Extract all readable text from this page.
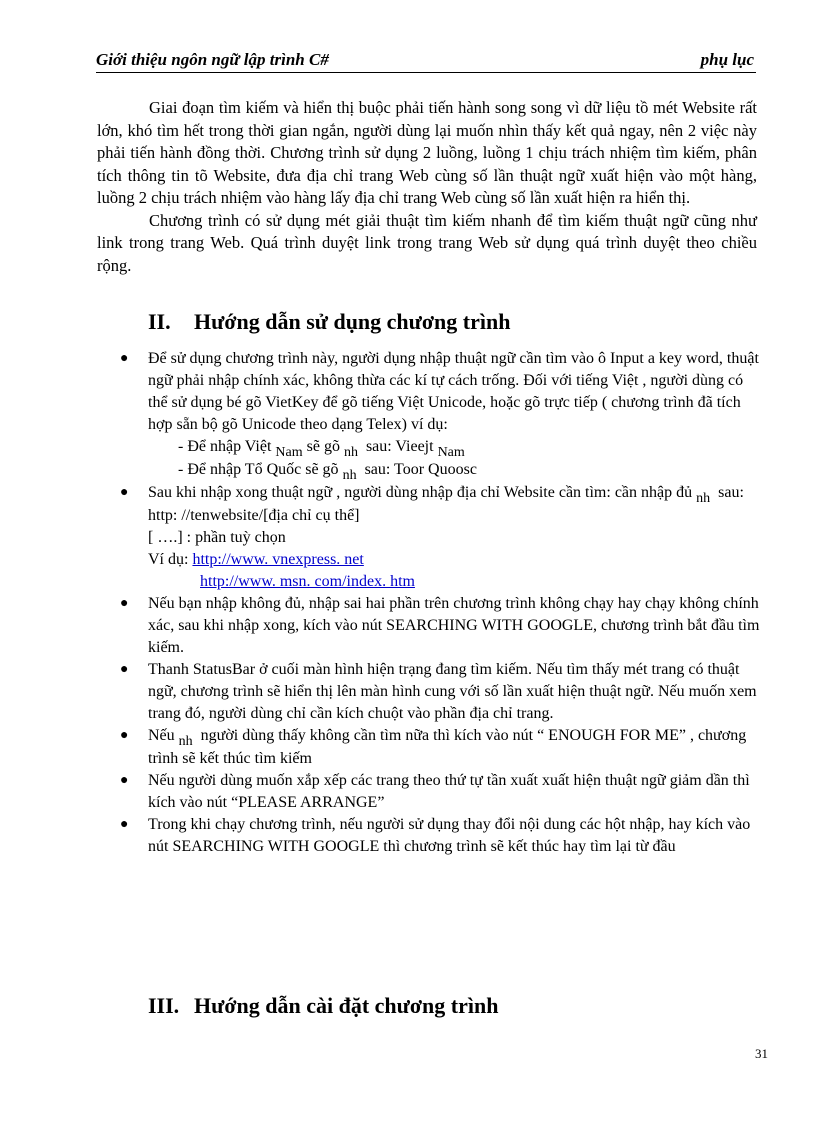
Giới thiệu ngôn ngữ lập trình C#	phụ lục

Giai đoạn tìm kiếm và hiển thị buộc phải tiến hành song song vì dữ liệu tồ mét Website rất lớn, khó tìm hết trong thời gian ngắn, người dùng lại muốn nhìn thấy kết quả ngay, nên 2 việc này phải tiến hành đồng thời. Chương trình sử dụng 2 luồng, luồng 1 chịu trách nhiệm tìm kiếm, phân tích thông tin tõ Website, đưa địa chỉ trang Web cùng số lần thuật ngữ xuất hiện vào một hàng, luồng 2 chịu trách nhiệm vào hàng lấy địa chỉ trang Web cùng số lần xuất hiện ra hiển thị.

Chương trình có sử dụng mét giải thuật tìm kiếm nhanh để tìm kiếm thuật ngữ cũng như link trong trang Web. Quá trình duyệt link trong trang Web sử dụng quá trình duyệt theo chiều rộng.

II. Hướng dẫn sử dụng chương trình
● Để sử dụng chương trình này, người dụng nhập thuật ngữ cần tìm vào ô Input a key word, thuật ngữ phải nhập chính xác, không thừa các kí tự cách trống. Đối với tiếng Việt , người dùng có thể sử dụng bé gõ VietKey để gõ tiếng Việt Unicode, hoặc gõ trực tiếp ( chương trình đã tích hợp sẵn bộ gõ Unicode theo dạng Telex) ví dụ:
- Để nhập Việt Nam sẽ gõ nh sau: Vieejt Nam
- Để nhập Tổ Quốc sẽ gõ nh sau: Toor Quoosc
● Sau khi nhập xong thuật ngữ , người dùng nhập địa chỉ Website cần tìm: cần nhập đủ nh sau:
http: //tenwebsite/[địa chỉ cụ thể]
[ ….] : phần tuỳ chọn
Ví dụ: http://www. vnexpress. net
http://www. msn. com/index. htm
● Nếu bạn nhập không đủ, nhập sai hai phần trên chương trình không chạy hay chạy không chính xác, sau khi nhập xong, kích vào nút SEARCHING WITH GOOGLE, chương trình bắt đầu tìm kiếm.
● Thanh StatusBar ở cuối màn hình hiện trạng đang tìm kiếm. Nếu tìm thấy mét trang có thuật ngữ, chương trình sẽ hiển thị lên màn hình cung với số lần xuất hiện thuật ngữ. Nếu muốn xem trang đó, người dùng chỉ cần kích chuột vào phần địa chỉ trang.
● Nếu nh người dùng thấy không cần tìm nữa thì kích vào nút “ ENOUGH FOR ME” , chương trình sẽ kết thúc tìm kiếm
● Nếu người dùng muốn xắp xếp các trang theo thứ tự tần xuất xuất hiện thuật ngữ giảm dần thì kích vào nút “PLEASE ARRANGE”
● Trong khi chạy chương trình, nếu người sử dụng thay đổi nội dung các hột nhập, hay kích vào nút SEARCHING WITH GOOGLE thì chương trình sẽ kết thúc hay tìm lại từ đầu
III. Hướng dẫn cài đặt chương trình
31
